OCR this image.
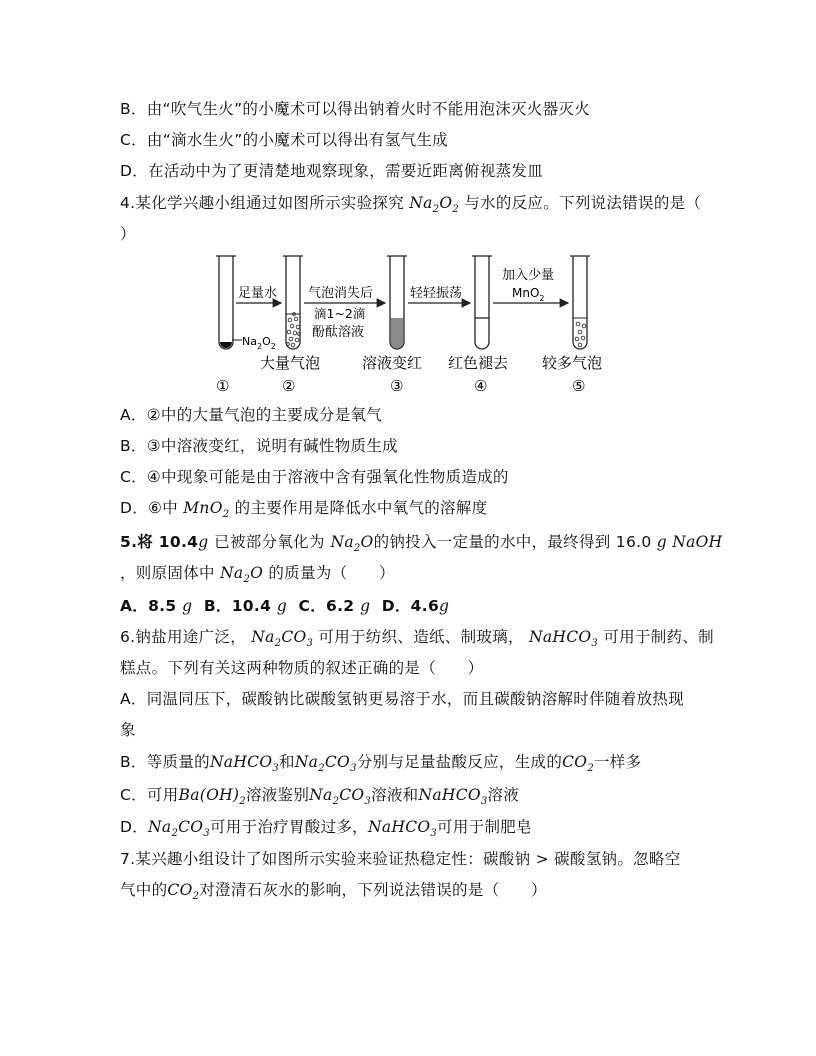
B．由“吹气生火”的小魔术可以得出钠着火时不能用泡沫灭火器灭火
C．由“滴水生火”的小魔术可以得出有氢气生成
D．在活动中为了更清楚地观察现象，需要近距离俯视蒸发皿
4.某化学兴趣小组通过如图所示实验探究 $Na_2O_2$ 与水的反应。下列说法错误的是（
）
$Na_2O_2$
足量水 气泡消失后
滴1~2滴
酚酞溶液
轻轻振荡
加入少量
MnO$_2$
大量气泡	溶液变红 红色褪去 较多气泡
①	②	③	④	⑤
A．②中的大量气泡的主要成分是氧气
B．③中溶液变红，说明有碱性物质生成
C．④中现象可能是由于溶液中含有强氧化性物质造成的
D．⑥中 MnO$_2$ 的主要作用是降低水中氧气的溶解度
5.将 10.4g 已被部分氧化为 $Na_2O$的钠投入一定量的水中，最终得到 16.0 g NaOH
，则原固体中 $Na_2O$ 的质量为（　　）
A．8.5 g B．10.4 g C．6.2 g D．4.6g
6.钠盐用途广泛， $Na_2CO_3$ 可用于纺织、造纸、制玻璃， NaHCO$_3$ 可用于制药、制
糕点。下列有关这两种物质的叙述正确的是（　　）
A．同温同压下，碳酸钠比碳酸氢钠更易溶于水，而且碳酸钠溶解时伴随着放热现
象
B．等质量的NaHCO$_3$和$Na_2CO_3$分别与足量盐酸反应，生成的$CO_2$一样多
C．可用$Ba(OH)_2$溶液鉴别$Na_2CO_3$溶液和NaHCO$_3$溶液
D．$Na_2CO_3$可用于治疗胃酸过多，NaHCO$_3$可用于制肥皂
7.某兴趣小组设计了如图所示实验来验证热稳定性：碳酸钠 > 碳酸氢钠。忽略空
气中的$CO_2$对澄清石灰水的影响，下列说法错误的是（　　）
